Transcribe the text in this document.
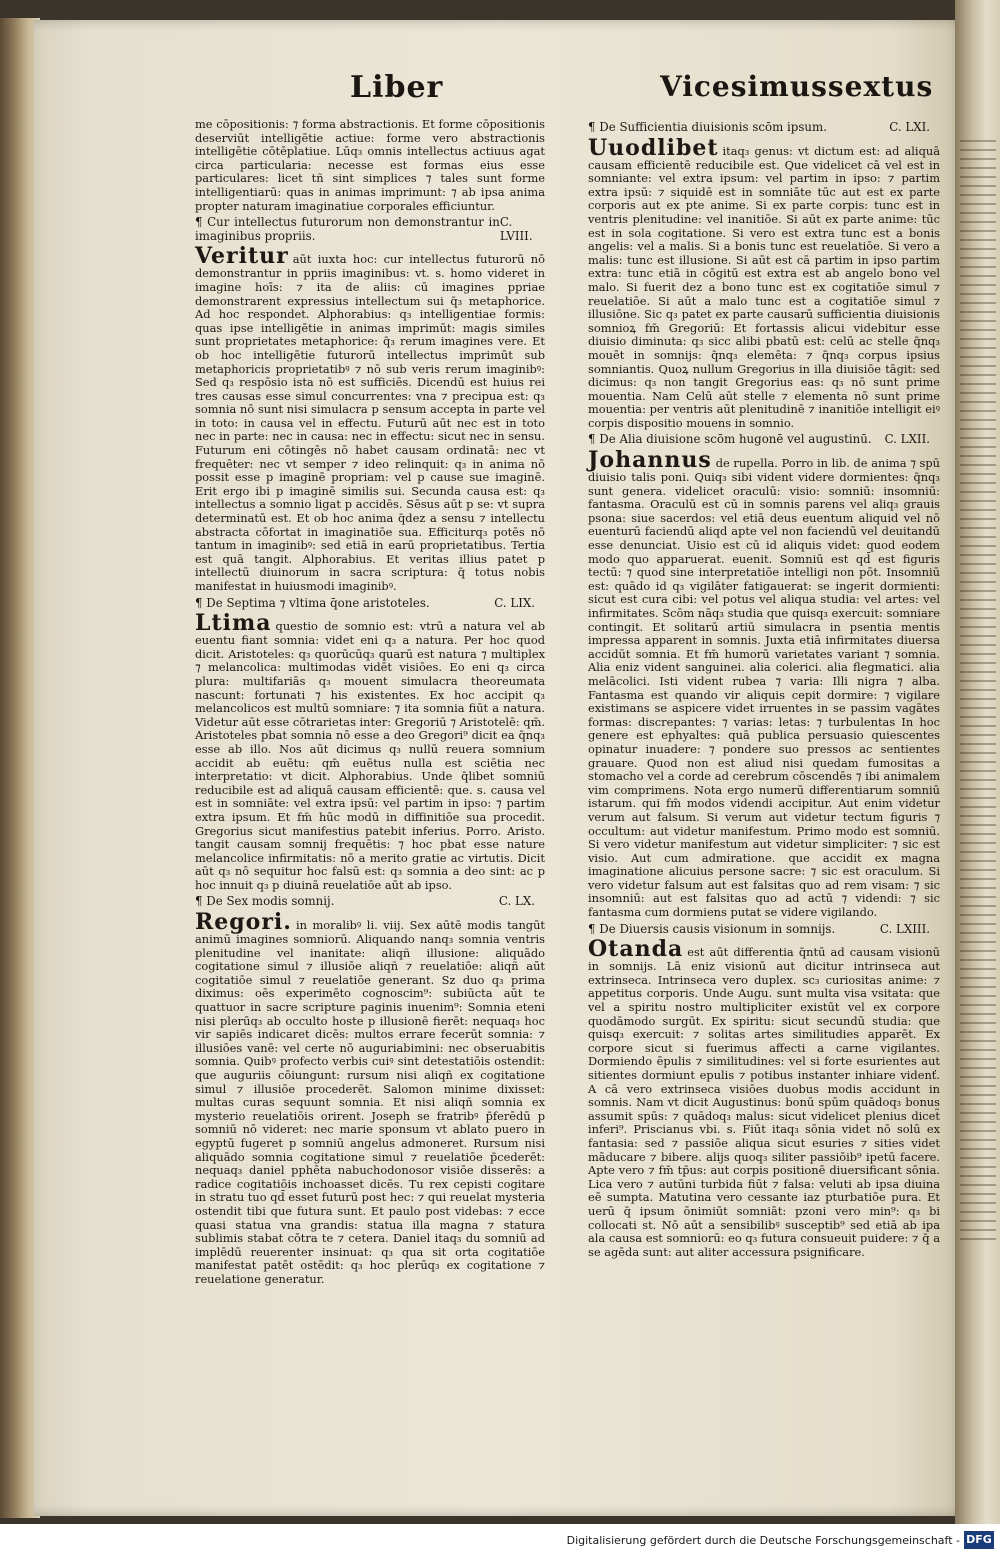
Liber	Vicesimussextus

me cōpositionis: ⁊ forma abstractionis. Et forme cōpositionis deserviūt intelligētie actiue: forme vero abstractionis intelligētie cōtēplatiue. Lūq₃ omnis intellectus actiuus agat circa particularia: necesse est formas eius esse particulares: licet tñ sint simplices ⁊ tales sunt forme intelligentiarū: quas in animas imprimunt: ⁊ ab ipsa anima propter naturam imaginatiue corporales efficiuntur.

¶ Cur intellectus futurorum non demonstrantur in imaginibus propriis.
C. LVIII.

Veritur aūt iuxta hoc: cur intellectus futurorū nō demonstrantur in ppriis imaginibus: vt. s. homo videret in imagine hoīs: ⁊ ita de aliis: cū imagines ppriae demonstrarent expressius intellectum sui q̄₃ metaphorice. Ad hoc respondet. Alphorabius: q₃ intelligentiae formis: quas ipse intelligētie in animas imprimūt: magis similes sunt proprietates metaphorice: q̄₃ rerum imagines vere. Et ob hoc intelligētie futurorū intellectus imprimūt sub metaphoricis proprietatibꝰ ⁊ nō sub veris rerum imaginibꝰ: Sed q₃ respōsio ista nō est sufficiēs. Dicendū est huius rei tres causas esse simul concurrentes: vna ⁊ precipua est: q₃ somnia nō sunt nisi simulacra p sensum accepta in parte vel in toto: in causa vel in effectu. Futurū aūt nec est in toto nec in parte: nec in causa: nec in effectu: sicut nec in sensu. Futurum eni cōtingēs nō habet causam ordinatā: nec vt frequēter: nec vt semper ⁊ ideo relinquit: q₃ in anima nō possit esse p imaginē propriam: vel p cause sue imaginē. Erit ergo ibi p imaginē similis sui. Secunda causa est: q₃ intellectus a somnio ligat p accidēs. Sēsus aūt p se: vt supra determinatū est. Et ob hoc anima q̄dez a sensu ⁊ intellectu abstracta cōfortat in imaginatiōe sua. Efficiturq₃ potēs nō tantum in imaginibꝰ: sed etiā in earū proprietatibus. Tertia est quā tangit. Alphorabius. Et veritas illius patet p intellectū diuinorum in sacra scriptura: q̄ totus nobis manifestat in huiusmodi imaginibꝰ.

¶ De Septima ⁊ vltima q̄one aristoteles.	C. LIX.

Ltima questio de somnio est: vtrū a natura vel ab euentu fiant somnia: videt eni q₃ a natura. Per hoc quod dicit. Aristoteles: q₃ quorūcūq₃ quarū est natura ⁊ multiplex ⁊ melancolica: multimodas vidēt visiōes. Eo eni q₃ circa plura: multifariās q₃ mouent simulacra theoreumata nascunt: fortunati ⁊ his existentes. Ex hoc accipit q₃ melancolicos est multū somniare: ⁊ ita somnia fiūt a natura. Videtur aūt esse cōtrarietas inter: Gregoriū ⁊ Aristotelē: qm̄. Aristoteles pbat somnia nō esse a deo Gregori⁹ dicit ea q̄nq₃ esse ab illo. Nos aūt dicimus q₃ nullū reuera somnium accidit ab euētu: qm̄ euētus nulla est sciētia nec interpretatio: vt dicit. Alphorabius. Unde q̄libet somniū reducibile est ad aliquā causam efficientē: que. s. causa vel est in somniāte: vel extra ipsū: vel partim in ipso: ⁊ partim extra ipsum. Et fm̄ hūc modū in diffinitiōe sua procedit. Gregorius sicut manifestius patebit inferius. Porro. Aristo. tangit causam somnij frequētis: ⁊ hoc pbat esse nature melancolice infirmitatis: nō a merito gratie ac virtutis. Dicit aūt q₃ nō sequitur hoc falsū est: q₃ somnia a deo sint: ac p hoc innuit q₃ p diuinā reuelatiōe aūt ab ipso.

¶ De Sex modis somnij.	C. LX.

Regori. in moralibꝰ li. viij. Sex aūtē modis tangūt animū imagines somniorū. Aliquando nanq₃ somnia ventris plenitudine vel inanitate: aliqñ illusione: aliquādo cogitatione simul ⁊ illusiōe aliqñ ⁊ reuelatiōe: aliqñ aūt cogitatiōe simul ⁊ reuelatiōe generant. Sz duo q₃ prima diximus: oēs experimēto cognoscim⁹: subiūcta aūt te quattuor in sacre scripture paginis inuenim⁹: Somnia eteni nisi plerūq₃ ab occulto hoste p illusionē fierēt: nequaq₃ hoc vir sapiēs indicaret dicēs: multos errare fecerūt somnia: ⁊ illusiōes vanē: vel certe nō auguriabimini: nec obseruabitis somnia. Quibꝰ profecto verbis cuiꝰ sint detestatiōis ostendit: que auguriis cōiungunt: rursum nisi aliqñ ex cogitatione simul ⁊ illusiōe procederēt. Salomon minime dixisset: multas curas sequunt somnia. Et nisi aliqñ somnia ex mysterio reuelatiōis orirent. Joseph se fratribꝰ p̄ferēdū p somniū nō videret: nec marie sponsum vt ablato puero in egyptū fugeret p somniū angelus admoneret. Rursum nisi aliquādo somnia cogitatione simul ⁊ reuelatiōe p̄cederēt: nequaq₃ daniel pphēta nabuchodonosor visiōe disserēs: a radice cogitatiōis inchoasset dicēs. Tu rex cepisti cogitare in stratu tuo qd̄ esset futurū post hec: ⁊ qui reuelat mysteria ostendit tibi que futura sunt. Et paulo post videbas: ⁊ ecce quasi statua vna grandis: statua illa magna ⁊ statura sublimis stabat cōtra te ⁊ cetera. Daniel itaq₃ du somniū ad implēdū reuerenter insinuat: q₃ qua sit orta cogitatiōe manifestat patēt ostēdit: q₃ hoc plerūq₃ ex cogitatione ⁊ reuelatione generatur.

¶ De Sufficientia diuisionis scōm ipsum.	C. LXI.

Uuodlibet itaq₃ genus: vt dictum est: ad aliquā causam efficientē reducibile est. Que videlicet cā vel est in somniante: vel extra ipsum: vel partim in ipso: ⁊ partim extra ipsū: ⁊ siquidē est in somniāte tūc aut est ex parte corporis aut ex pte anime. Si ex parte corpis: tunc est in ventris plenitudine: vel inanitiōe. Si aūt ex parte anime: tūc est in sola cogitatione. Si vero est extra tunc est a bonis angelis: vel a malis. Si a bonis tunc est reuelatiōe. Si vero a malis: tunc est illusione. Si aūt est cā partim in ipso partim extra: tunc etiā in cōgitū est extra est ab angelo bono vel malo. Si fuerit dez a bono tunc est ex cogitatiōe simul ⁊ reuelatiōe. Si aūt a malo tunc est a cogitatiōe simul ⁊ illusiōne. Sic q₃ patet ex parte causarū sufficientia diuisionis somnioꝝ fm̄ Gregoriū: Et fortassis alicui videbitur esse diuisio diminuta: q₃ sicc alibi pbatū est: celū ac stelle q̄nq₃ mouēt in somnijs: q̄nq₃ elemēta: ⁊ q̄nq₃ corpus ipsius somniantis. Quoꝝ nullum Gregorius in illa diuisiōe tāgit: sed dicimus: q₃ non tangit Gregorius eas: q₃ nō sunt prime mouentia. Nam Celū aūt stelle ⁊ elementa nō sunt prime mouentia: per ventris aūt plenitudinē ⁊ inanitiōe intelligit eiꝰ corpis dispositio mouens in somnio.

¶ De Alia diuisione scōm hugonē vel augustinū. C. LXII.

Johannus de rupella. Porro in lib. de anima ⁊ spū diuisio talis poni. Quiq₃ sibi vident videre dormientes: q̄nq₃ sunt genera. videlicet oraculū: visio: somniū: insomniū: fantasma. Oraculū est cū in somnis parens vel aliq₃ grauis psona: siue sacerdos: vel etiā deus euentum aliquid vel nō euenturū faciendū aliqd apte vel non faciendū vel deuitandū esse denunciat. Uisio est cū id aliquis videt: quod eodem modo quo apparuerat. euenit. Somniū est qd̄ est figuris tectū: ⁊ quod sine interpretatiōe intelligi non pōt. Insomniū est: quādo id q₃ vigilāter fatigauerat: se ingerit dormienti: sicut est cura cibi: vel potus vel aliqua studia: vel artes: vel infirmitates. Scōm nāq₃ studia que quisq₃ exercuit: somniare contingit. Et solitarū artiū simulacra in psentia mentis impressa apparent in somnis. Juxta etiā infirmitates diuersa accidūt somnia. Et fm̄ humorū varietates variant ⁊ somnia. Alia eniz vident sanguinei. alia colerici. alia flegmatici. alia melācolici. Isti vident rubea ⁊ varia: Illi nigra ⁊ alba. Fantasma est quando vir aliquis cepit dormire: ⁊ vigilare existimans se aspicere videt irruentes in se passim vagātes formas: discrepantes: ⁊ varias: letas: ⁊ turbulentas In hoc genere est ephyaltes: quā publica persuasio quiescentes opinatur inuadere: ⁊ pondere suo pressos ac sentientes grauare. Quod non est aliud nisi quedam fumositas a stomacho vel a corde ad cerebrum cōscendēs ⁊ ibi animalem vim comprimens. Nota ergo numerū differentiarum somniū istarum. qui fm̄ modos videndi accipitur. Aut enim videtur verum aut falsum. Si verum aut videtur tectum figuris ⁊ occultum: aut videtur manifestum. Primo modo est somniū. Si vero videtur manifestum aut videtur simpliciter: ⁊ sic est visio. Aut cum admiratione. que accidit ex magna imaginatione alicuius persone sacre: ⁊ sic est oraculum. Si vero videtur falsum aut est falsitas quo ad rem visam: ⁊ sic insomniū: aut est falsitas quo ad actū ⁊ videndi: ⁊ sic fantasma cum dormiens putat se videre vigilando.

¶ De Diuersis causis visionum in somnijs.	C. LXIII.

Otanda est aūt differentia q̄ntū ad causam visionū in somnijs. Lā eniz visionū aut dicitur intrinseca aut extrinseca. Intrinseca vero duplex. sc₃ curiositas anime: ⁊ appetitus corporis. Unde Augu. sunt multa visa vsitata: que vel a spiritu nostro multipliciter existūt vel ex corpore quodāmodo surgūt. Ex spiritu: sicut secundū studia: que quisq₃ exercuit: ⁊ solitas artes similitudies apparēt. Ex corpore sicut si fuerimus affecti a carne vigilantes. Dormiendo ēpulis ⁊ similitudines: vel si forte esurientes aut sitientes dormiunt epulis ⁊ potibus instanter inhiare videnť. A cā vero extrinseca visiōes duobus modis accidunt in somnis. Nam vt dicit Augustinus: bonū spūm quādoq₃ bonus assumit spūs: ⁊ quādoq₃ malus: sicut videlicet plenius dicet̃ inferi⁹. Priscianus vbi. s. Fiūt itaq₃ sōnia videt nō solū ex fantasia: sed ⁊ passiōe aliqua sicut esuries ⁊ sities videt māducare ⁊ bibere. alijs quoq₃ siliter passiōib⁹ ipetū facere. Apte vero ⁊ fm̄ tp̄us: aut corpis positionē diuersificant sōnia. Lica vero ⁊ autūni turbida fiūt ⁊ falsa: veluti ab ipsa diuina eē sumpta. Matutina vero cessante iaz pturbatiōe pura. Et uerū q̄ ipsum ōnimiūt somniāt: pzoni vero min⁹: q₃ bi collocati st. Nō aūt a sensibilibꝰ susceptib⁹ sed etiā ab ipa ala causa est somniorū: eo q₃ futura consueuit puidere: ⁊ q̄ a se agēda sunt: aut aliter accessura psignificare.

Digitalisierung gefördert durch die Deutsche Forschungsgemeinschaft - DFG
